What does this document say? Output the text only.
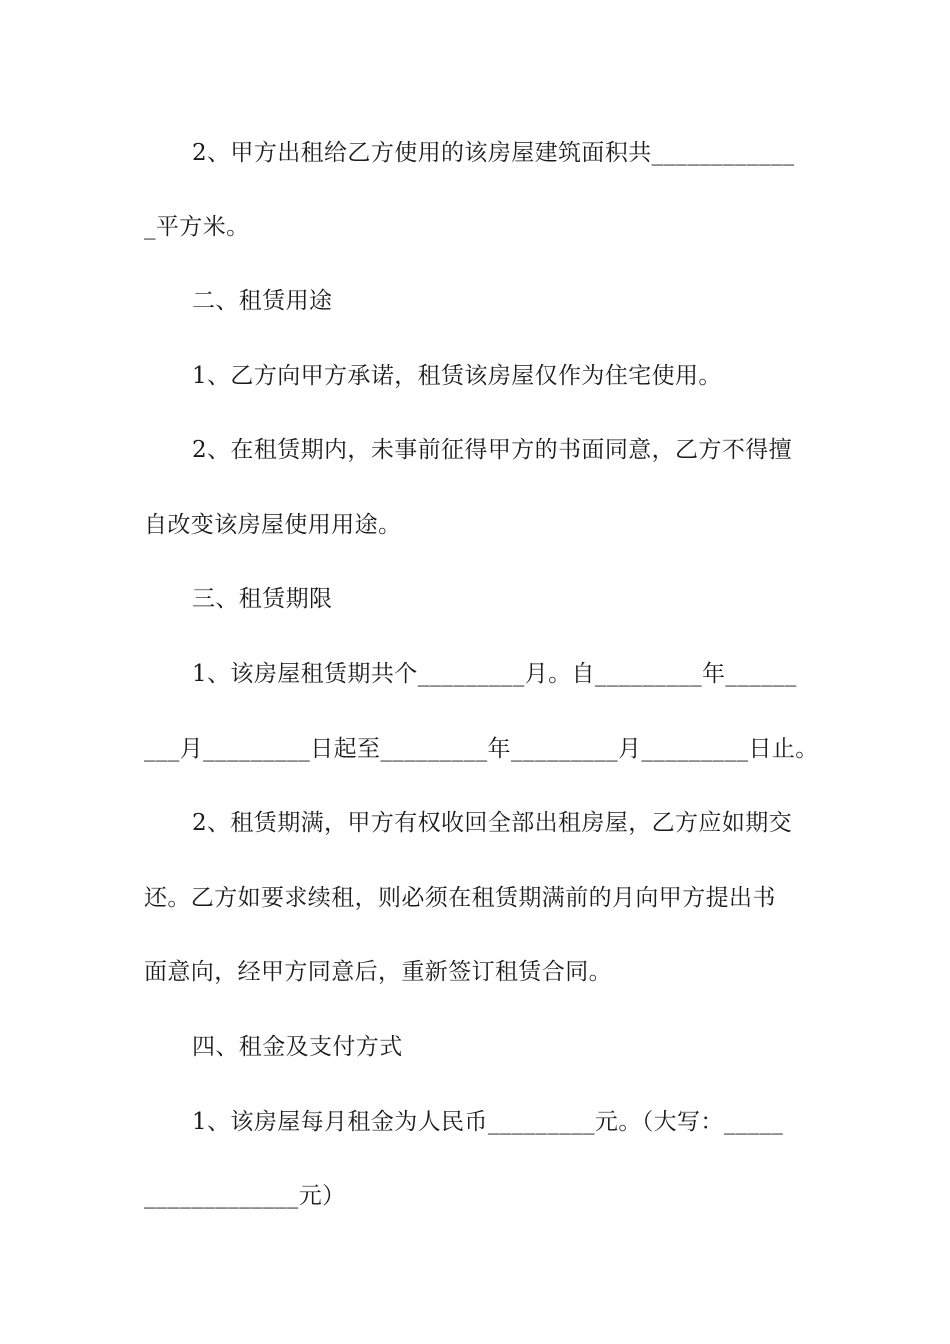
2、甲方出租给乙方使用的该房屋建筑面积共____________
_平方米。
二、租赁用途
1、乙方向甲方承诺，租赁该房屋仅作为住宅使用。
2、在租赁期内，未事前征得甲方的书面同意，乙方不得擅
自改变该房屋使用用途。
三、租赁期限
1、该房屋租赁期共个_________月。自_________年______
___月_________日起至_________年_________月_________日止。
2、租赁期满，甲方有权收回全部出租房屋，乙方应如期交
还。乙方如要求续租，则必须在租赁期满前的月向甲方提出书
面意向，经甲方同意后，重新签订租赁合同。
四、租金及支付方式
1、该房屋每月租金为人民币_________元。（大写：_____
_____________元）
